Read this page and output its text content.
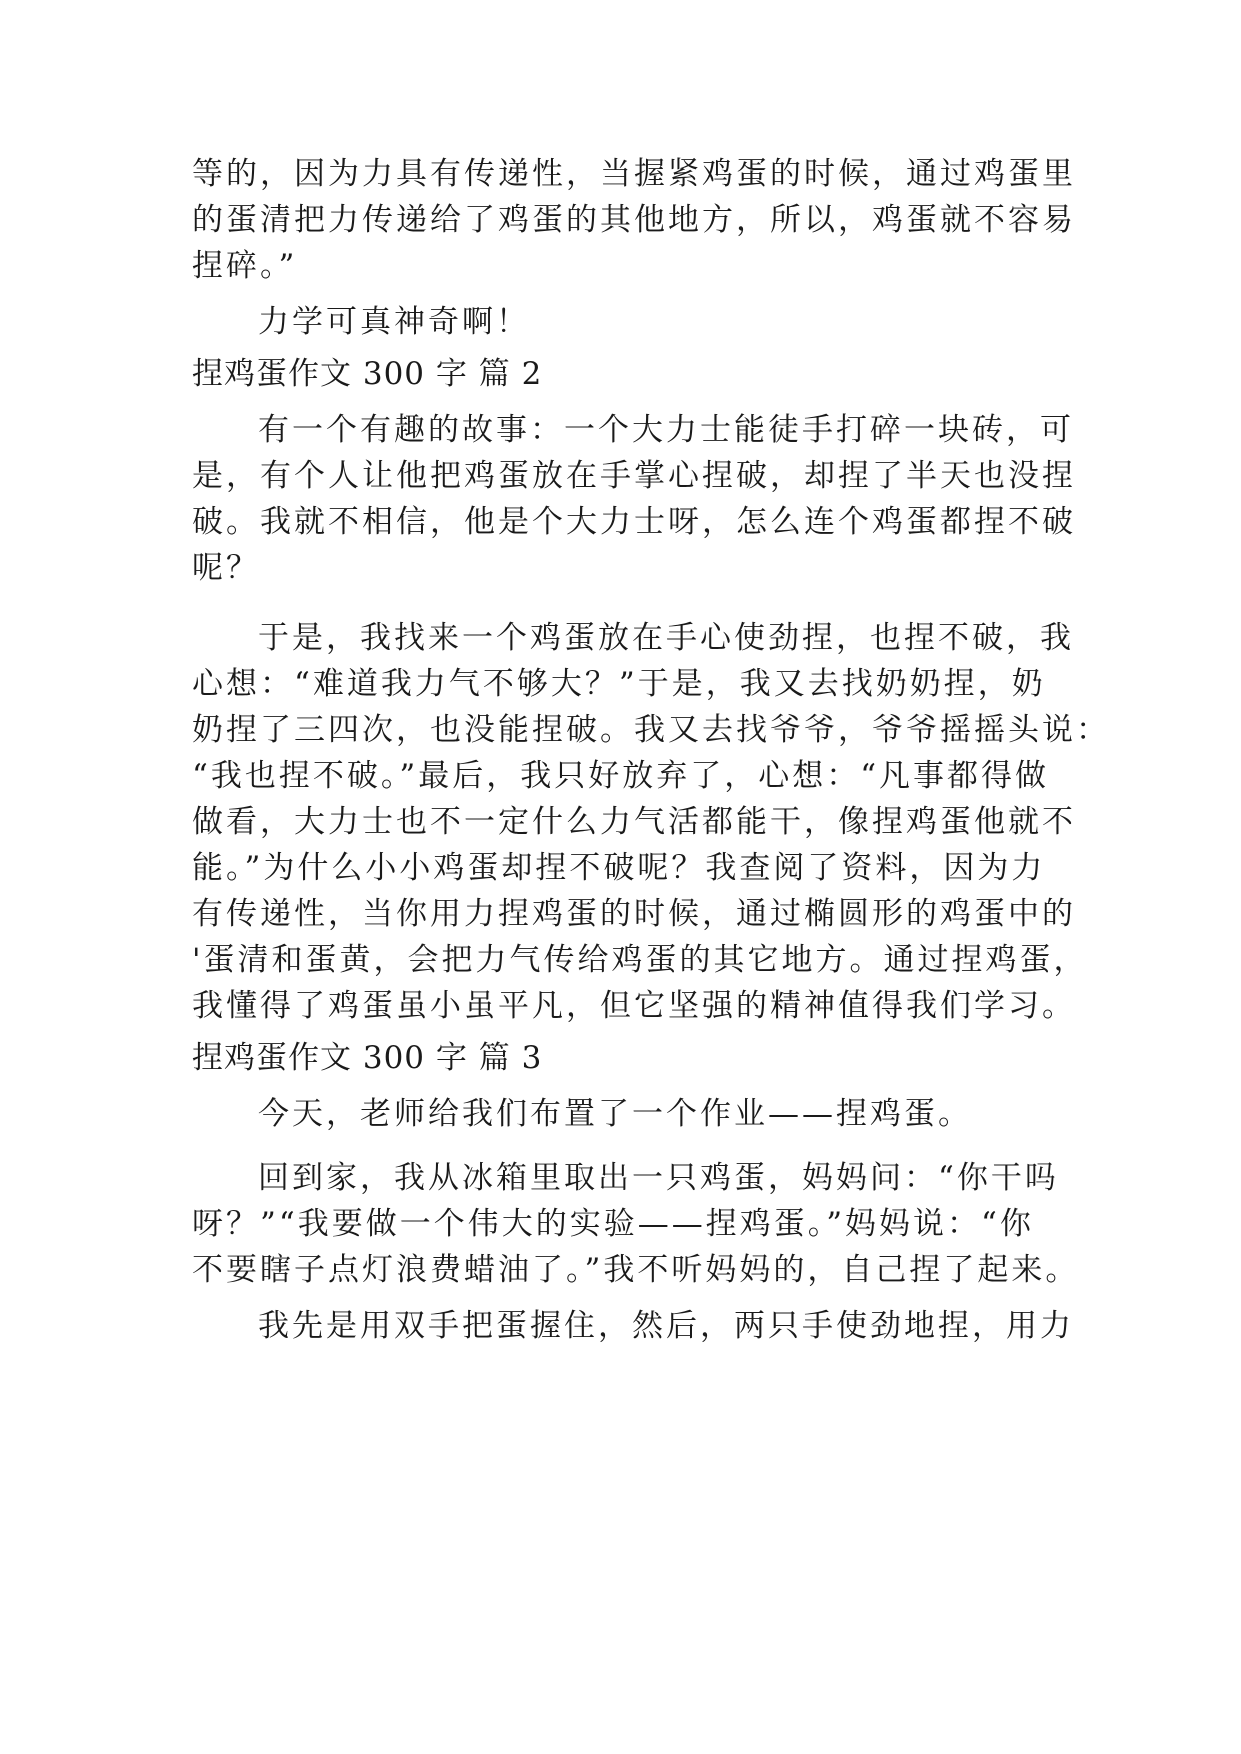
等的，因为力具有传递性，当握紧鸡蛋的时候，通过鸡蛋里
的蛋清把力传递给了鸡蛋的其他地方，所以，鸡蛋就不容易
捏碎。”
力学可真神奇啊！
捏鸡蛋作文 300 字 篇 2
有一个有趣的故事：一个大力士能徒手打碎一块砖，可
是，有个人让他把鸡蛋放在手掌心捏破，却捏了半天也没捏
破。我就不相信，他是个大力士呀，怎么连个鸡蛋都捏不破
呢？
于是，我找来一个鸡蛋放在手心使劲捏，也捏不破，我
心想：“难道我力气不够大？”于是，我又去找奶奶捏，奶
奶捏了三四次，也没能捏破。我又去找爷爷，爷爷摇摇头说：
“我也捏不破。”最后，我只好放弃了，心想：“凡事都得做
做看，大力士也不一定什么力气活都能干，像捏鸡蛋他就不
能。”为什么小小鸡蛋却捏不破呢？我查阅了资料，因为力
有传递性，当你用力捏鸡蛋的时候，通过椭圆形的鸡蛋中的
'蛋清和蛋黄，会把力气传给鸡蛋的其它地方。通过捏鸡蛋，
我懂得了鸡蛋虽小虽平凡，但它坚强的精神值得我们学习。
捏鸡蛋作文 300 字 篇 3
今天，老师给我们布置了一个作业——捏鸡蛋。
回到家，我从冰箱里取出一只鸡蛋，妈妈问：“你干吗
呀？”“我要做一个伟大的实验——捏鸡蛋。”妈妈说：“你
不要瞎子点灯浪费蜡油了。”我不听妈妈的，自己捏了起来。
我先是用双手把蛋握住，然后，两只手使劲地捏，用力
